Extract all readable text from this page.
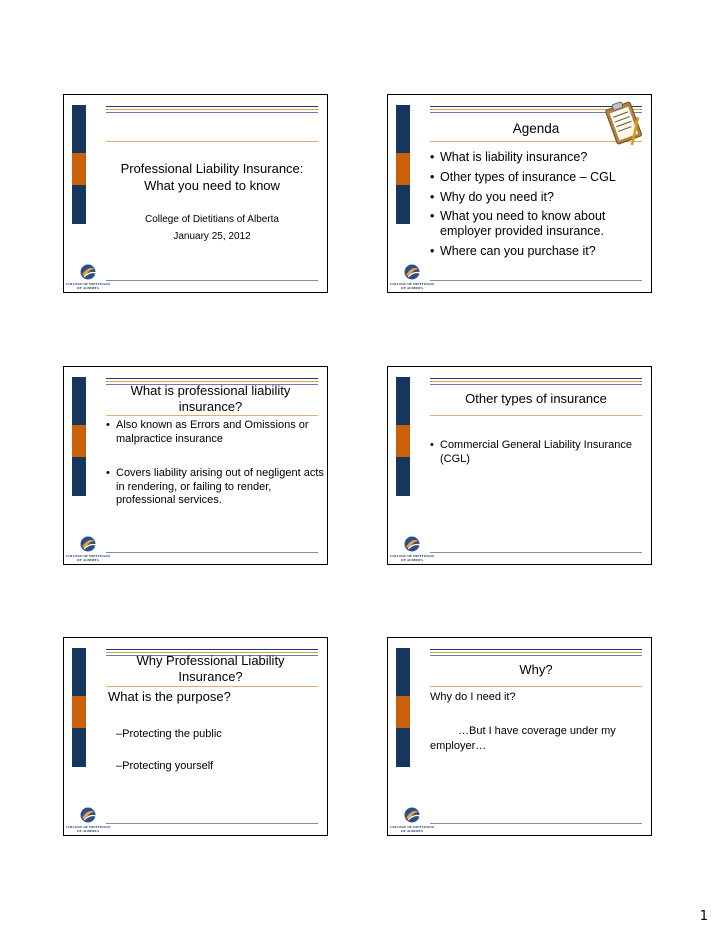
Professional Liability Insurance:
What you need to know
College of Dietitians of Alberta
January 25, 2012
COLLEGE OF DIETITIANS
OF ALBERTA
Agenda
• What is liability insurance?
• Other types of insurance – CGL
• Why do you need it?
• What you need to know about employer provided insurance.
• Where can you purchase it?
COLLEGE OF DIETITIANS
OF ALBERTA
What is professional liability insurance?
• Also known as Errors and Omissions or malpractice insurance
• Covers liability arising out of negligent acts in rendering, or failing to render, professional services.
COLLEGE OF DIETITIANS
OF ALBERTA
Other types of insurance
• Commercial General Liability Insurance (CGL)
COLLEGE OF DIETITIANS
OF ALBERTA
Why Professional Liability Insurance?
What is the purpose?
–Protecting the public
–Protecting yourself
COLLEGE OF DIETITIANS
OF ALBERTA
Why?
Why do I need it?
…But I have coverage under my employer…
COLLEGE OF DIETITIANS
OF ALBERTA
1
